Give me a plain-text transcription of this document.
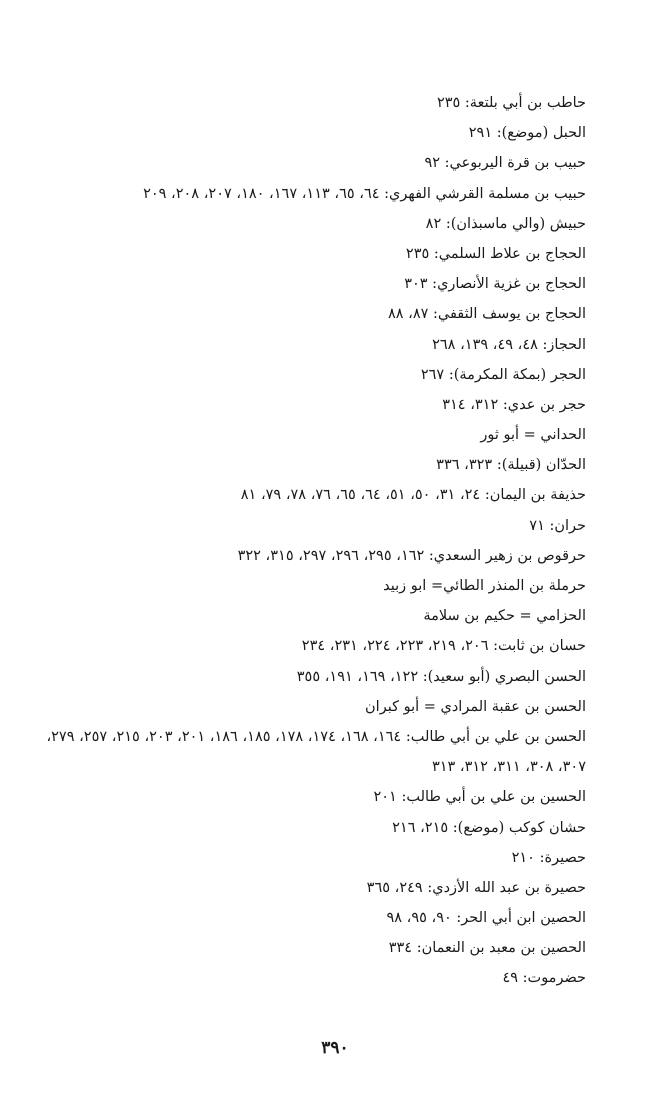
حاطب بن أبي بلتعة: ٢٣٥
الحبل (موضع): ٢٩١
حبيب بن قرة اليربوعي: ٩٢
حبيب بن مسلمة القرشي الفهري: ٦٤، ٦٥، ١١٣، ١٦٧، ١٨٠، ٢٠٧، ٢٠٨، ٢٠٩
حبيش (والي ماسبذان): ٨٢
الحجاج بن علاط السلمي: ٢٣٥
الحجاج بن غزية الأنصاري: ٣٠٣
الحجاج بن يوسف الثقفي: ٨٧، ٨٨
الحجاز: ٤٨، ٤٩، ١٣٩، ٢٦٨
الحجر (بمكة المكرمة): ٢٦٧
حجر بن عدي: ٣١٢، ٣١٤
الحداني = أبو ثور
الحدّان (قبيلة): ٣٢٣، ٣٣٦
حذيفة بن اليمان: ٢٤، ٣١، ٥٠، ٥١، ٦٤، ٦٥، ٧٦، ٧٨، ٧٩، ٨١
حران: ٧١
حرقوص بن زهير السعدي: ١٦٢، ٢٩٥، ٢٩٦، ٢٩٧، ٣١٥، ٣٢٢
حرملة بن المنذر الطائي= ابو زبيد
الحزامي = حكيم بن سلامة
حسان بن ثابت: ٢٠٦، ٢١٩، ٢٢٣، ٢٢٤، ٢٣١، ٢٣٤
الحسن البصري (أبو سعيد): ١٢٢، ١٦٩، ١٩١، ٣٥٥
الحسن بن عقبة المرادي = أبو كبران
الحسن بن علي بن أبي طالب: ١٦٤، ١٦٨، ١٧٤، ١٧٨، ١٨٥، ١٨٦، ٢٠١، ٢٠٣، ٢١٥، ٢٥٧، ٢٧٩، ٣٠٧، ٣٠٨، ٣١١، ٣١٢، ٣١٣
الحسين بن علي بن أبي طالب: ٢٠١
حشان كوكب (موضع): ٢١٥، ٢١٦
حصيرة: ٢١٠
حصيرة بن عبد الله الأزدي: ٢٤٩، ٣٦٥
الحصين ابن أبي الحر: ٩٠، ٩٥، ٩٨
الحصين بن معبد بن النعمان: ٣٣٤
حضرموت: ٤٩
٣٩٠
